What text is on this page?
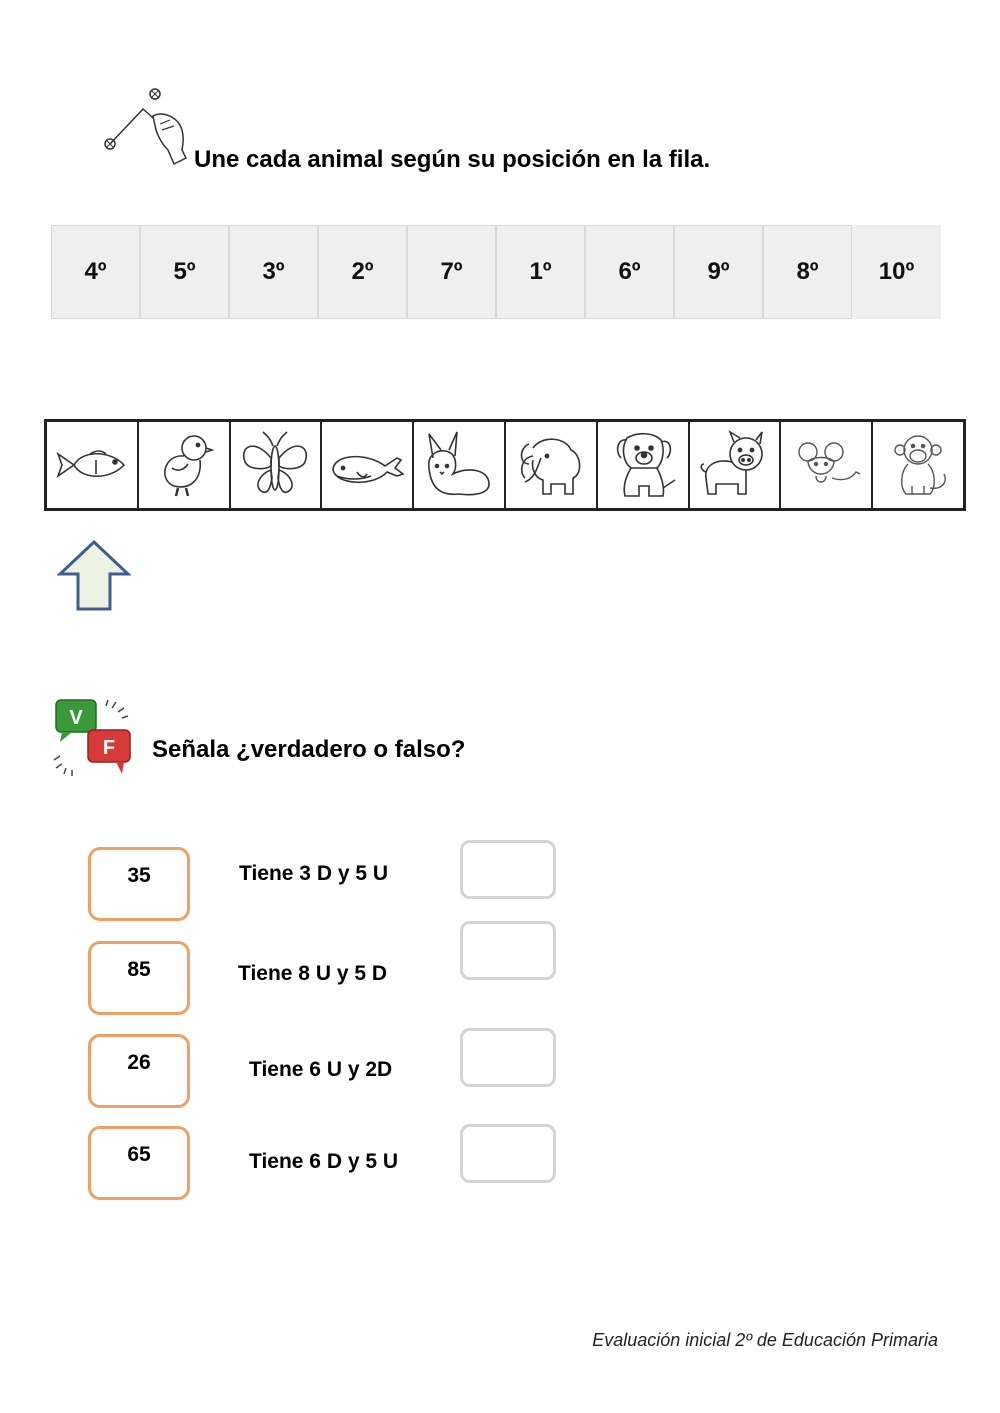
Une cada animal según su posición en la fila.
4º	5º	3º	2º	7º	1º	6º	9º	8º	10º
V
F Señala ¿verdadero o falso?
35	Tiene 3 D y 5 U
85	Tiene 8 U y 5 D
26	Tiene 6 U y 2D
65	Tiene 6 D y 5 U
Evaluación inicial 2º de Educación Primaria
